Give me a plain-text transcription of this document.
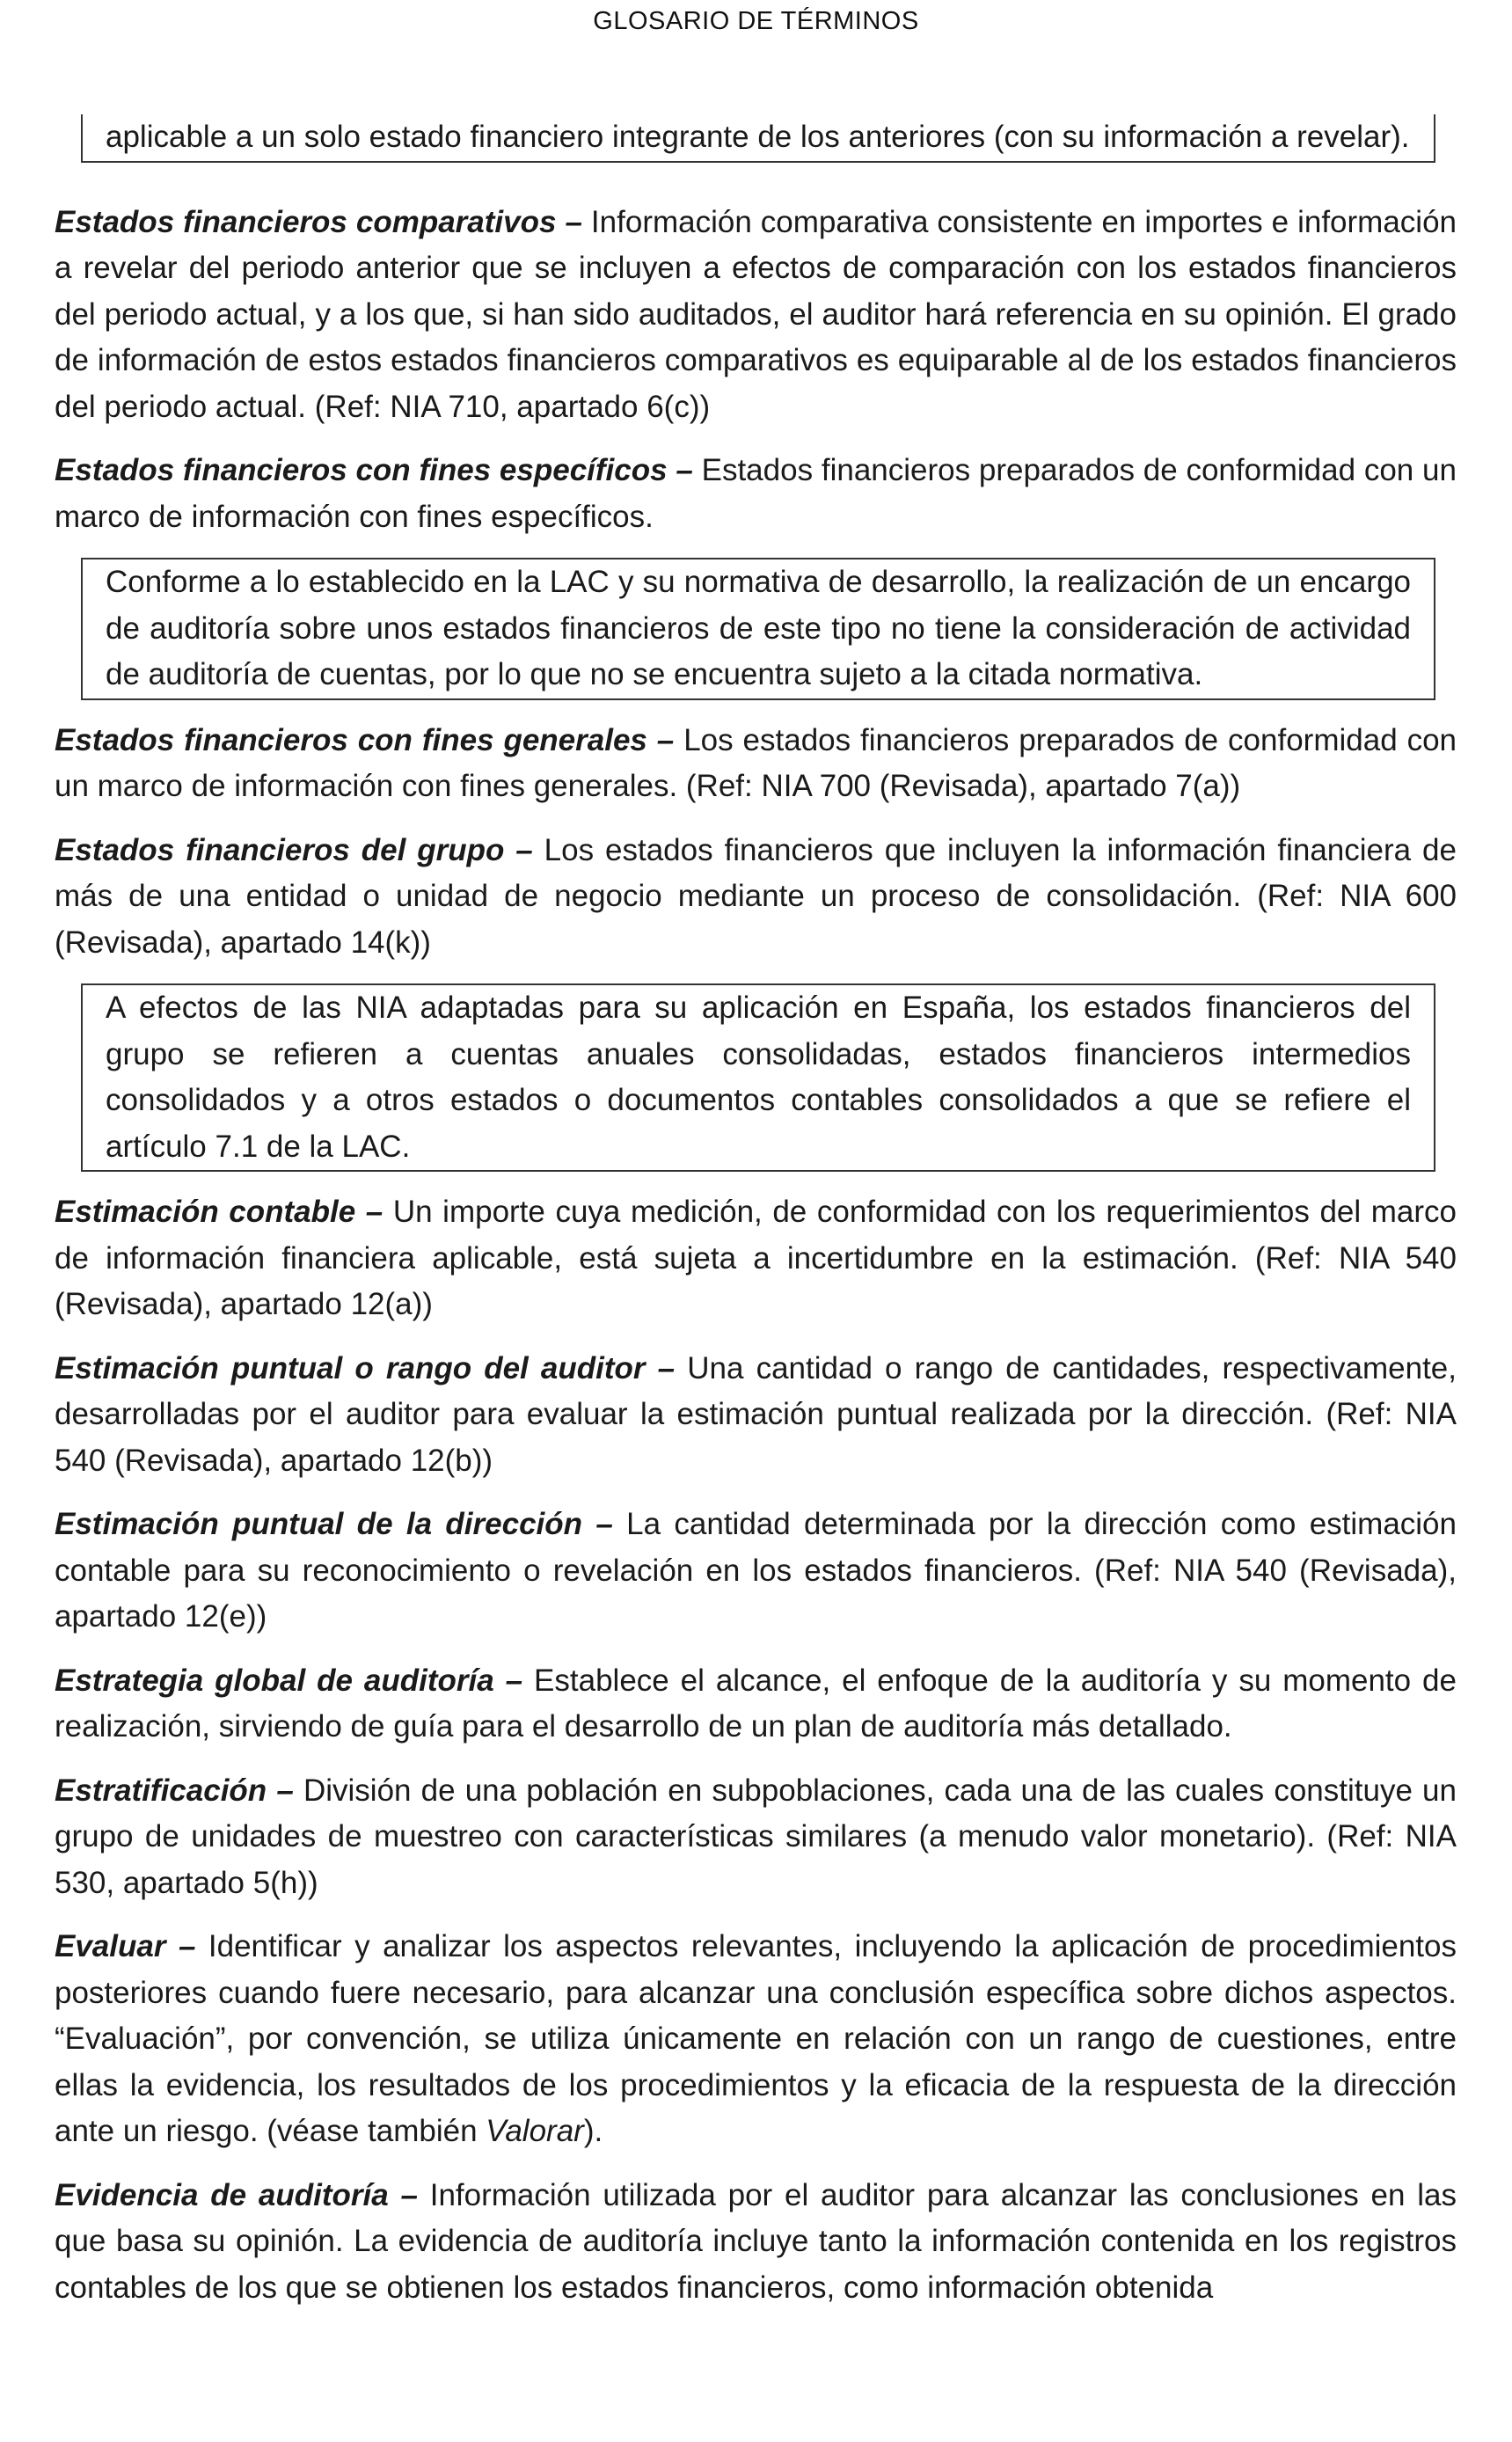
GLOSARIO DE TÉRMINOS

aplicable a un solo estado financiero integrante de los anteriores (con su información a revelar).

Estados financieros comparativos – Información comparativa consistente en importes e información a revelar del periodo anterior que se incluyen a efectos de comparación con los estados financieros del periodo actual, y a los que, si han sido auditados, el auditor hará referencia en su opinión. El grado de información de estos estados financieros comparativos es equiparable al de los estados financieros del periodo actual. (Ref: NIA 710, apartado 6(c))

Estados financieros con fines específicos – Estados financieros preparados de conformidad con un marco de información con fines específicos.

Conforme a lo establecido en la LAC y su normativa de desarrollo, la realización de un encargo de auditoría sobre unos estados financieros de este tipo no tiene la consideración de actividad de auditoría de cuentas, por lo que no se encuentra sujeto a la citada normativa.

Estados financieros con fines generales – Los estados financieros preparados de conformidad con un marco de información con fines generales. (Ref: NIA 700 (Revisada), apartado 7(a))

Estados financieros del grupo – Los estados financieros que incluyen la información financiera de más de una entidad o unidad de negocio mediante un proceso de consolidación. (Ref: NIA 600 (Revisada), apartado 14(k))

A efectos de las NIA adaptadas para su aplicación en España, los estados financieros del grupo se refieren a cuentas anuales consolidadas, estados financieros intermedios consolidados y a otros estados o documentos contables consolidados a que se refiere el artículo 7.1 de la LAC.

Estimación contable – Un importe cuya medición, de conformidad con los requerimientos del marco de información financiera aplicable, está sujeta a incertidumbre en la estimación. (Ref: NIA 540 (Revisada), apartado 12(a))

Estimación puntual o rango del auditor – Una cantidad o rango de cantidades, respectivamente, desarrolladas por el auditor para evaluar la estimación puntual realizada por la dirección. (Ref: NIA 540 (Revisada), apartado 12(b))

Estimación puntual de la dirección – La cantidad determinada por la dirección como estimación contable para su reconocimiento o revelación en los estados financieros. (Ref: NIA 540 (Revisada), apartado 12(e))

Estrategia global de auditoría – Establece el alcance, el enfoque de la auditoría y su momento de realización, sirviendo de guía para el desarrollo de un plan de auditoría más detallado.

Estratificación – División de una población en subpoblaciones, cada una de las cuales constituye un grupo de unidades de muestreo con características similares (a menudo valor monetario). (Ref: NIA 530, apartado 5(h))

Evaluar – Identificar y analizar los aspectos relevantes, incluyendo la aplicación de procedimientos posteriores cuando fuere necesario, para alcanzar una conclusión específica sobre dichos aspectos. “Evaluación”, por convención, se utiliza únicamente en relación con un rango de cuestiones, entre ellas la evidencia, los resultados de los procedimientos y la eficacia de la respuesta de la dirección ante un riesgo. (véase también Valorar).

Evidencia de auditoría – Información utilizada por el auditor para alcanzar las conclusiones en las que basa su opinión. La evidencia de auditoría incluye tanto la información contenida en los registros contables de los que se obtienen los estados financieros, como información obtenida
